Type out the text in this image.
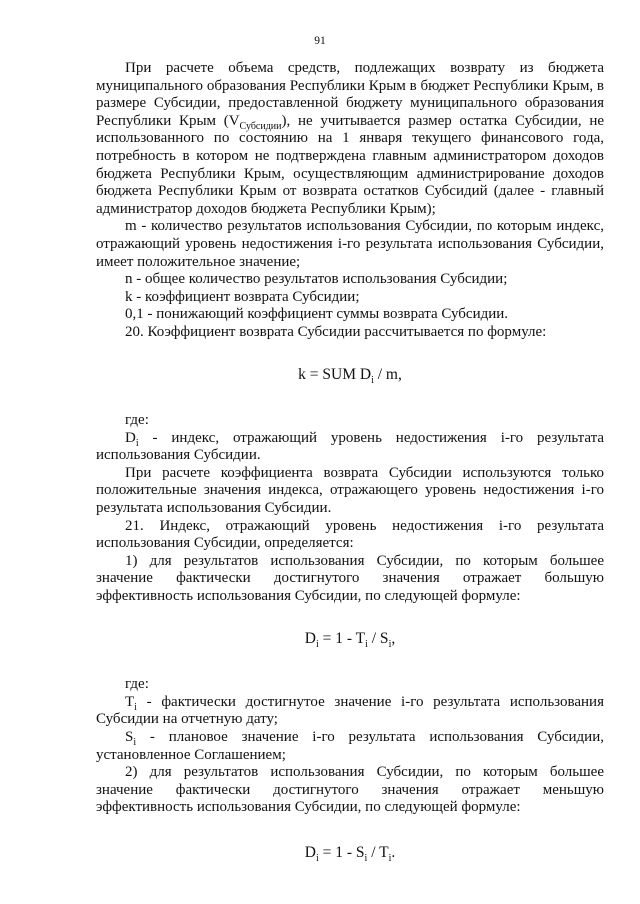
91

При расчете объема средств, подлежащих возврату из бюджета муниципального образования Республики Крым в бюджет Республики Крым, в размере Субсидии, предоставленной бюджету муниципального образования Республики Крым $(V_{Субсидии})$, не учитывается размер остатка Субсидии, не использованного по состоянию на 1 января текущего финансового года, потребность в котором не подтверждена главным администратором доходов бюджета Республики Крым, осуществляющим администрирование доходов бюджета Республики Крым от возврата остатков Субсидий (далее - главный администратор доходов бюджета Республики Крым);

m - количество результатов использования Субсидии, по которым индекс, отражающий уровень недостижения i-го результата использования Субсидии, имеет положительное значение;

n - общее количество результатов использования Субсидии;

k - коэффициент возврата Субсидии;

0,1 - понижающий коэффициент суммы возврата Субсидии.

20. Коэффициент возврата Субсидии рассчитывается по формуле:

k = SUM $D_i$ / m,

где:

$D_i$ - индекс, отражающий уровень недостижения i-го результата использования Субсидии.

При расчете коэффициента возврата Субсидии используются только положительные значения индекса, отражающего уровень недостижения i-го результата использования Субсидии.

21. Индекс, отражающий уровень недостижения i-го результата использования Субсидии, определяется:

1) для результатов использования Субсидии, по которым большее значение фактически достигнутого значения отражает большую эффективность использования Субсидии, по следующей формуле:

$D_i = 1 - T_i / S_i$,

где:

$T_i$ - фактически достигнутое значение i-го результата использования Субсидии на отчетную дату;

$S_i$ - плановое значение i-го результата использования Субсидии, установленное Соглашением;

2) для результатов использования Субсидии, по которым большее значение фактически достигнутого значения отражает меньшую эффективность использования Субсидии, по следующей формуле:

$D_i = 1 - S_i / T_i$.
